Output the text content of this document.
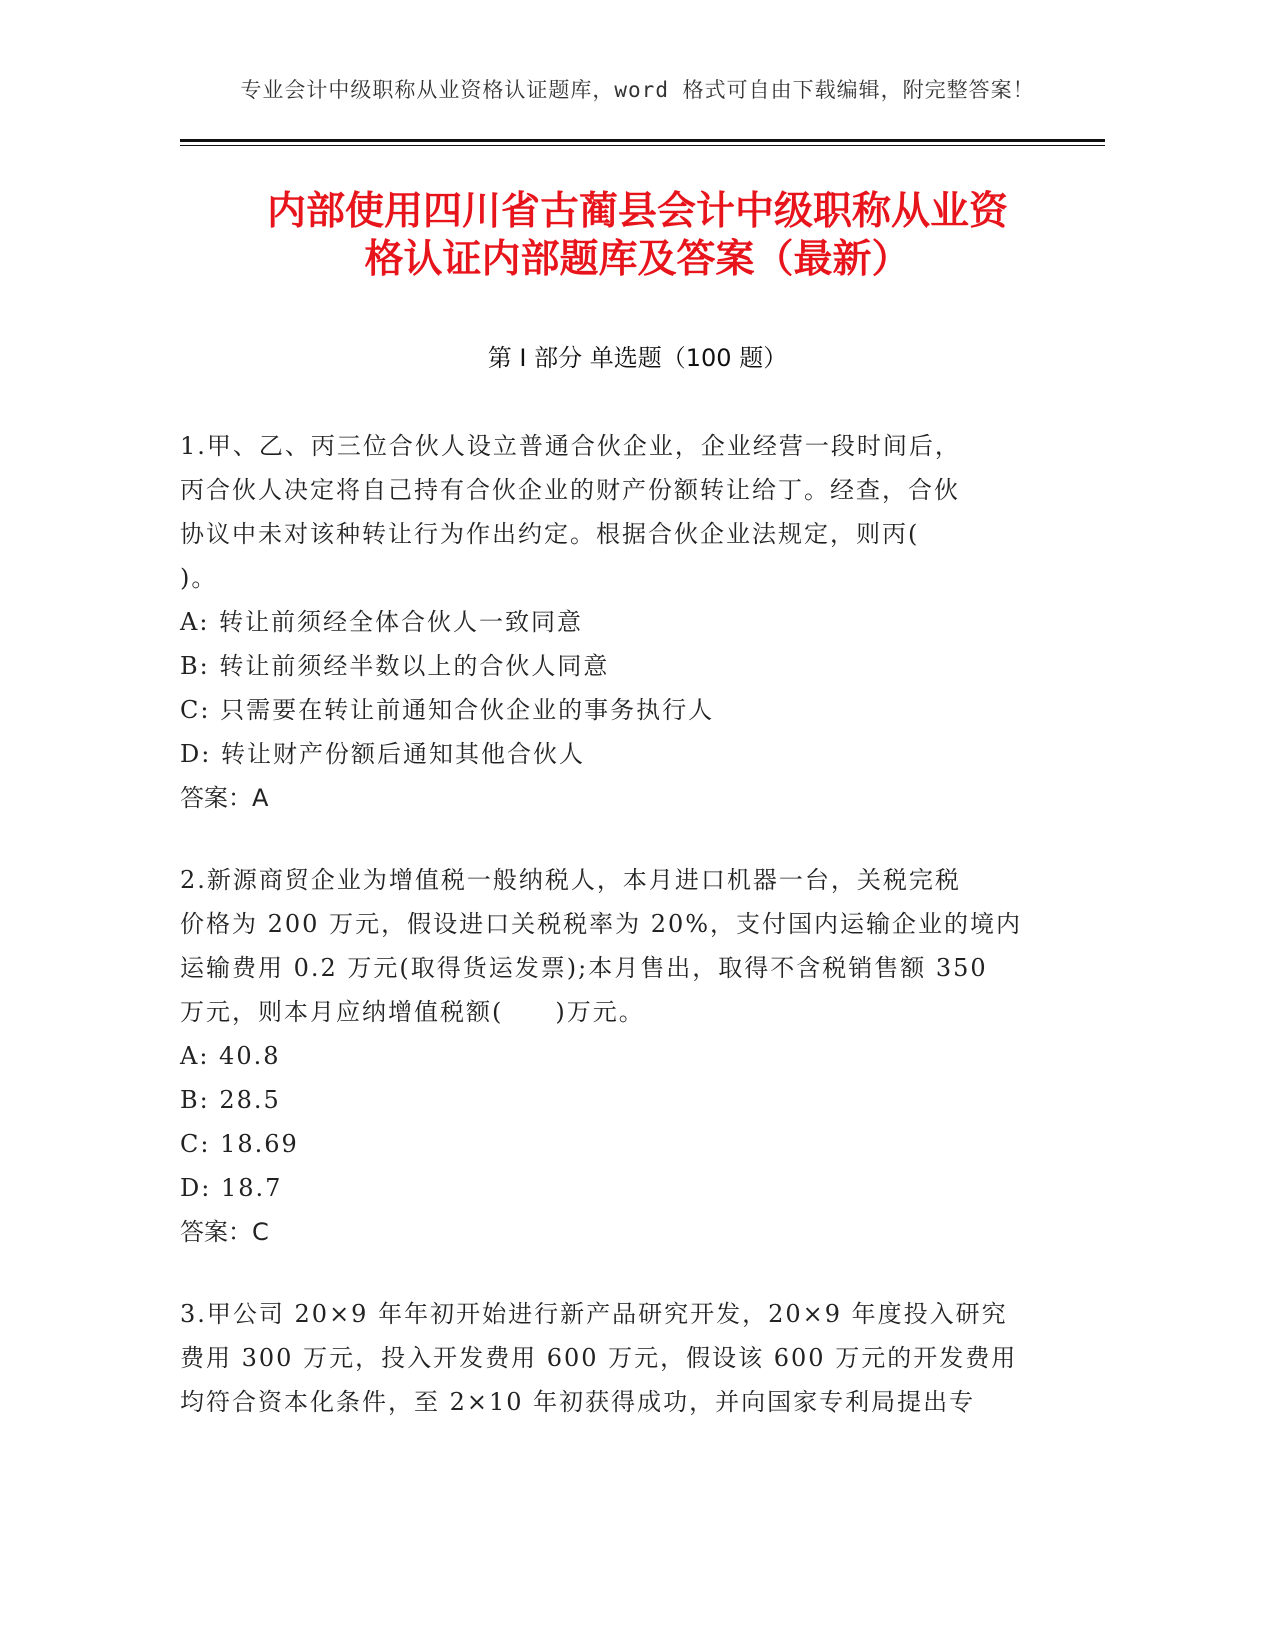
专业会计中级职称从业资格认证题库，word 格式可自由下载编辑，附完整答案！
内部使用四川省古蔺县会计中级职称从业资
格认证内部题库及答案（最新）
第 I 部分 单选题（100 题）
1.甲、乙、丙三位合伙人设立普通合伙企业，企业经营一段时间后，
丙合伙人决定将自己持有合伙企业的财产份额转让给丁。经查，合伙
协议中未对该种转让行为作出约定。根据合伙企业法规定，则丙(
)。
A: 转让前须经全体合伙人一致同意
B: 转让前须经半数以上的合伙人同意
C: 只需要在转让前通知合伙企业的事务执行人
D: 转让财产份额后通知其他合伙人
答案：A
2.新源商贸企业为增值税一般纳税人，本月进口机器一台，关税完税
价格为 200 万元，假设进口关税税率为 20%，支付国内运输企业的境内
运输费用 0.2 万元(取得货运发票);本月售出，取得不含税销售额 350
万元，则本月应纳增值税额(　　)万元。
A: 40.8
B: 28.5
C: 18.69
D: 18.7
答案：C
3.甲公司 20×9 年年初开始进行新产品研究开发，20×9 年度投入研究
费用 300 万元，投入开发费用 600 万元，假设该 600 万元的开发费用
均符合资本化条件，至 2×10 年初获得成功，并向国家专利局提出专
